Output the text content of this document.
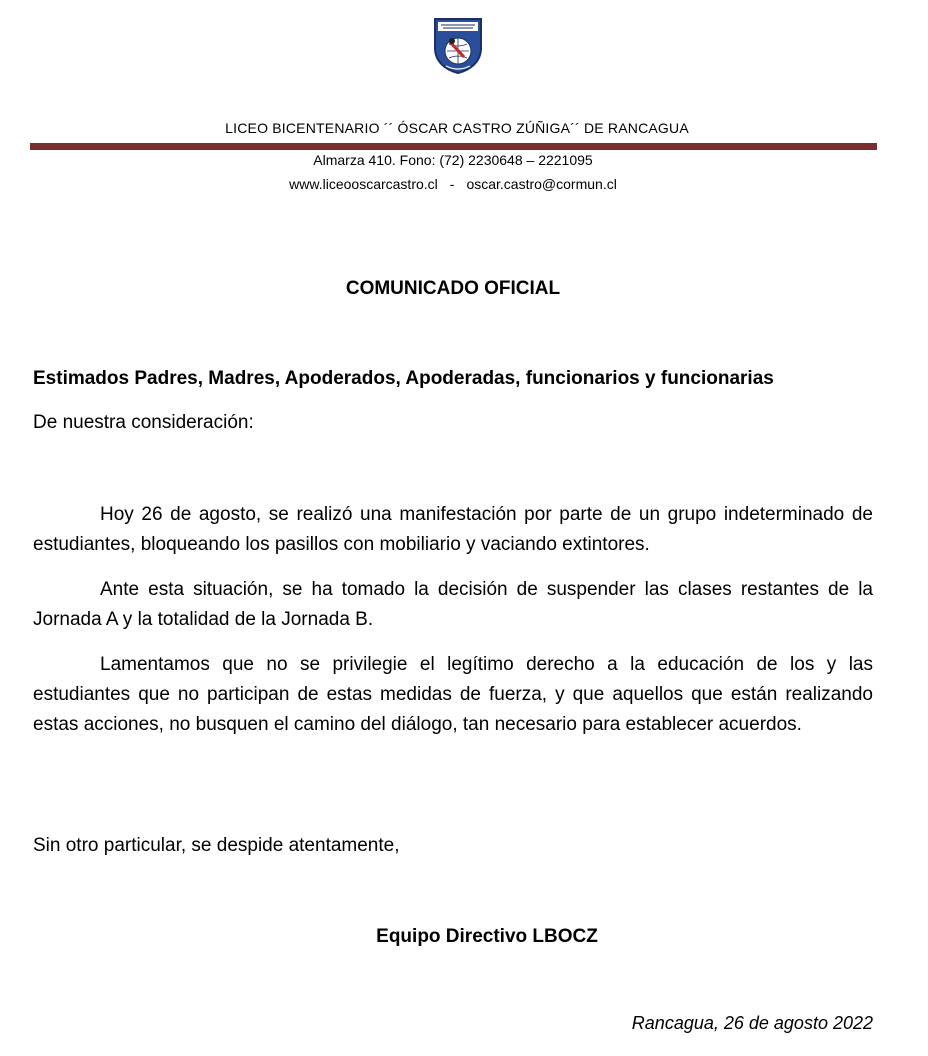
LICEO BICENTENARIO ´´ ÓSCAR CASTRO ZÚÑIGA´´ DE RANCAGUA
Almarza 410. Fono: (72) 2230648 – 2221095
www.liceooscarcastro.cl - oscar.castro@cormun.cl
COMUNICADO OFICIAL
Estimados Padres, Madres, Apoderados, Apoderadas, funcionarios y funcionarias
De nuestra consideración:

Hoy 26 de agosto, se realizó una manifestación por parte de un grupo indeterminado de estudiantes, bloqueando los pasillos con mobiliario y vaciando extintores.

Ante esta situación, se ha tomado la decisión de suspender las clases restantes de la Jornada A y la totalidad de la Jornada B.

Lamentamos que no se privilegie el legítimo derecho a la educación de los y las estudiantes que no participan de estas medidas de fuerza, y que aquellos que están realizando estas acciones, no busquen el camino del diálogo, tan necesario para establecer acuerdos.

Sin otro particular, se despide atentamente,
Equipo Directivo LBOCZ
Rancagua, 26 de agosto 2022
